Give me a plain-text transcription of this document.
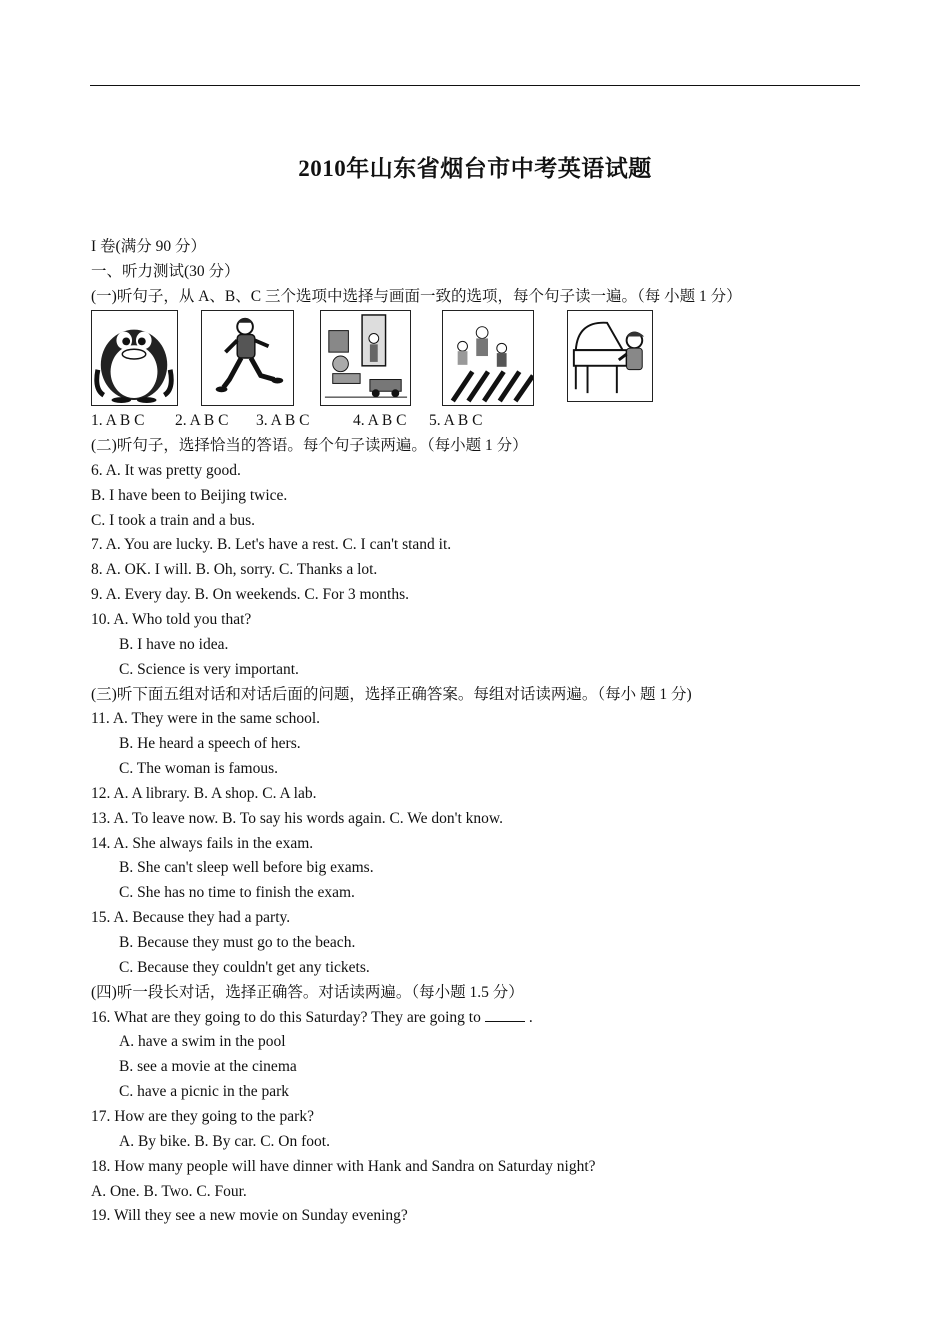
2010年山东省烟台市中考英语试题
I 卷(满分 90 分）
一、听力测试(30 分）
(一)听句子，从 A、B、C 三个选项中选择与画面一致的选项，每个句子读一遍。（每 小题 1 分）
1. A B C 2. A B C 3. A B C	4. A B C 5. A B C
(二)听句子，选择恰当的答语。每个句子读两遍。（每小题 1 分）
6. A. It was pretty good.
B. I have been to Beijing twice.
C. I took a train and a bus.
7. A. You are lucky. B. Let's have a rest. C. I can't stand it.
8. A. OK. I will. B. Oh, sorry. C. Thanks a lot.
9. A. Every day. B. On weekends. C. For 3 months.
10. A. Who told you that?
B. I have no idea.
C. Science is very important.
(三)听下面五组对话和对话后面的问题，选择正确答案。每组对话读两遍。（每小 题 1 分)
11. A. They were in the same school.
B. He heard a speech of hers.
C. The woman is famous.
12. A. A library. B. A shop. C. A lab.
13. A. To leave now. B. To say his words again. C. We don't know.
14. A. She always fails in the exam.
B. She can't sleep well before big exams.
C. She has no time to finish the exam.
15. A. Because they had a party.
B. Because they must go to the beach.
C. Because they couldn't get any tickets.
(四)听一段长对话，选择正确答。对话读两遍。（每小题 1.5 分）
16. What are they going to do this Saturday? They are going to	.
A. have a swim in the pool
B. see a movie at the cinema
C. have a picnic in the park
17. How are they going to the park?
A. By bike. B. By car. C. On foot.
18. How many people will have dinner with Hank and Sandra on Saturday night?
A. One. B. Two. C. Four.
19. Will they see a new movie on Sunday evening?
